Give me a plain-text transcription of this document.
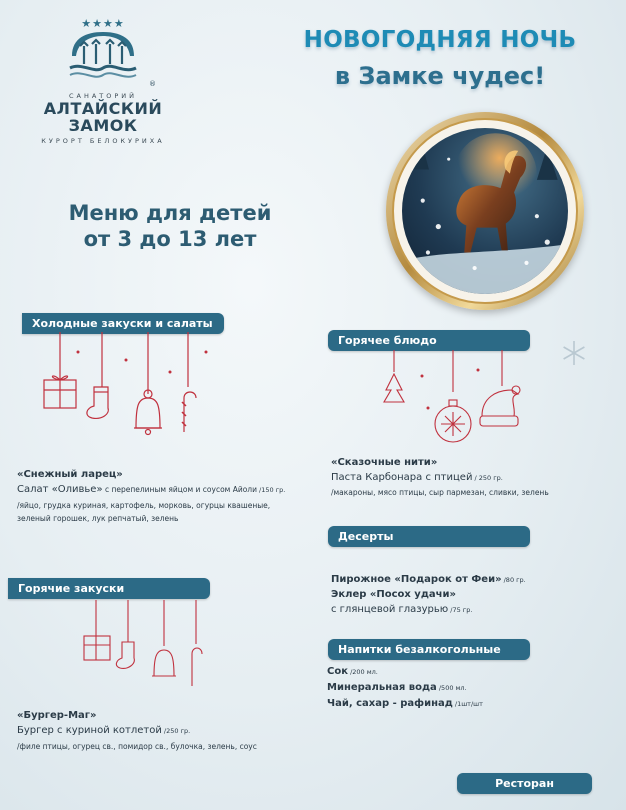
★★★★
®
САНАТОРИЙ
АЛТАЙСКИЙ
ЗАМОК
КУРОРТ БЕЛОКУРИХА
НОВОГОДНЯЯ НОЧЬ
в Замке чудес!
Меню для детей
от 3 до 13 лет
Холодные закуски и салаты
«Снежный ларец»
Салат «Оливье» с перепелиным яйцом и соусом Айоли /150 гр.
/яйцо, грудка куриная, картофель, морковь, огурцы квашеные,
зеленый горошек, лук репчатый, зелень
Горячие закуски
«Бургер-Маг»
Бургер с куриной котлетой /250 гр.
/филе птицы, огурец св., помидор св., булочка, зелень, соус
Горячее блюдо
«Сказочные нити»
Паста Карбонара с птицей / 250 гр.
/макароны, мясо птицы, сыр пармезан, сливки, зелень
Десерты
Пирожное «Подарок от Феи» /80 гр.
Эклер «Посох удачи»
с глянцевой глазурью /75 гр.
Напитки безалкогольные
Сок /200 мл.
Минеральная вода /500 мл.
Чай, сахар - рафинад /1шт/шт
Ресторан
